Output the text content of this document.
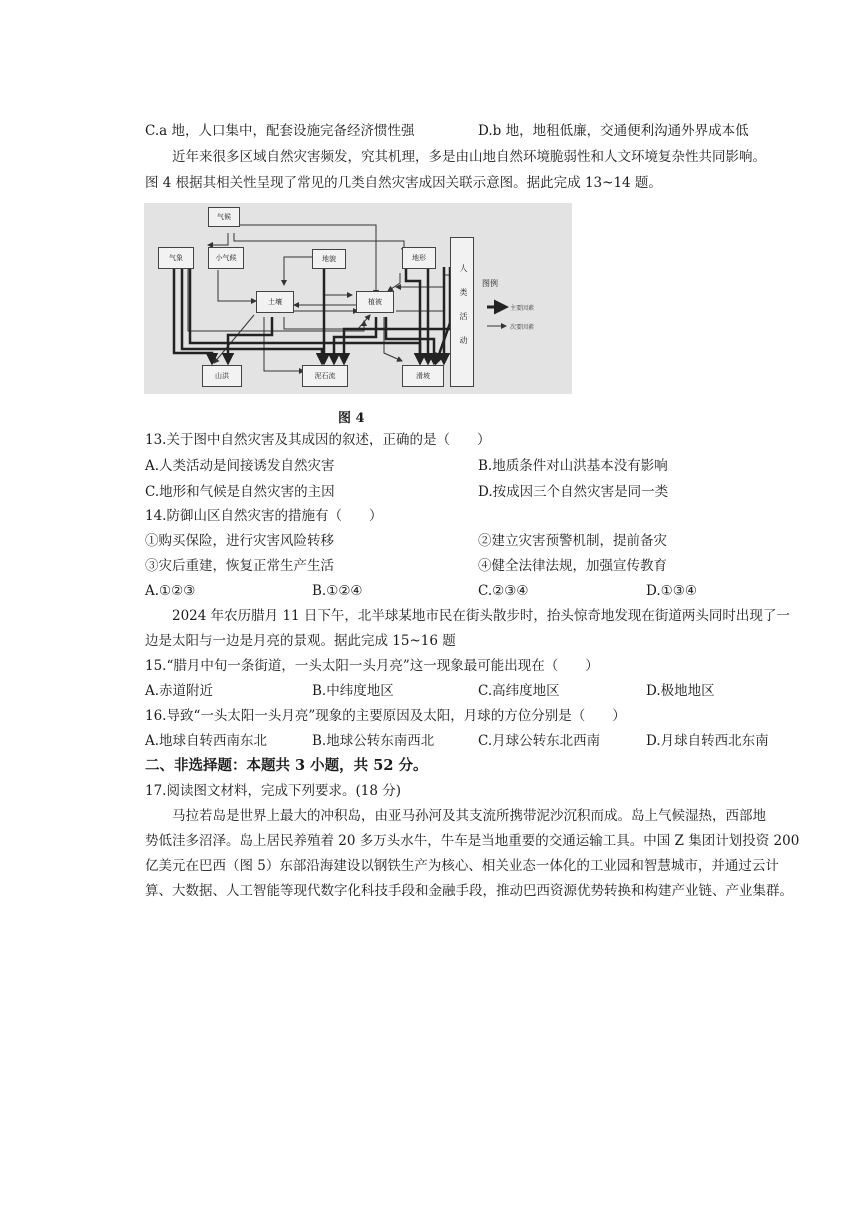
C.a 地，人口集中，配套设施完备经济惯性强	D.b 地，地租低廉，交通便利沟通外界成本低
近年来很多区域自然灾害频发，究其机理，多是由山地自然环境脆弱性和人文环境复杂性共同影响。
图 4 根据其相关性呈现了常见的几类自然灾害成因关联示意图。据此完成 13~14 题。
气候
气象	小气候	地貌	地形
土壤	植被
山洪	泥石流	滑坡
人类活动	图例
主要因素
次要因素
图 4
13.关于图中自然灾害及其成因的叙述，正确的是（　　）
A.人类活动是间接诱发自然灾害	B.地质条件对山洪基本没有影响
C.地形和气候是自然灾害的主因	D.按成因三个自然灾害是同一类
14.防御山区自然灾害的措施有（　　）
①购买保险，进行灾害风险转移	②建立灾害预警机制，提前备灾
③灾后重建，恢复正常生产生活	④健全法律法规，加强宣传教育
A.①②③	B.①②④	C.②③④	D.①③④
2024 年农历腊月 11 日下午，北半球某地市民在街头散步时，抬头惊奇地发现在街道两头同时出现了一
边是太阳与一边是月亮的景观。据此完成 15~16 题
15.“腊月中旬一条街道，一头太阳一头月亮”这一现象最可能出现在（　　）
A.赤道附近	B.中纬度地区	C.高纬度地区	D.极地地区
16.导致“一头太阳一头月亮”现象的主要原因及太阳，月球的方位分别是（　　）
A.地球自转西南东北	B.地球公转东南西北	C.月球公转东北西南	D.月球自转西北东南
二、非选择题：本题共 3 小题，共 52 分。
17.阅读图文材料，完成下列要求。(18 分)
马拉若岛是世界上最大的冲积岛，由亚马孙河及其支流所携带泥沙沉积而成。岛上气候湿热，西部地
势低洼多沼泽。岛上居民养殖着 20 多万头水牛，牛车是当地重要的交通运输工具。中国 Z 集团计划投资 200
亿美元在巴西（图 5）东部沿海建设以钢铁生产为核心、相关业态一体化的工业园和智慧城市，并通过云计
算、大数据、人工智能等现代数字化科技手段和金融手段，推动巴西资源优势转换和构建产业链、产业集群。
